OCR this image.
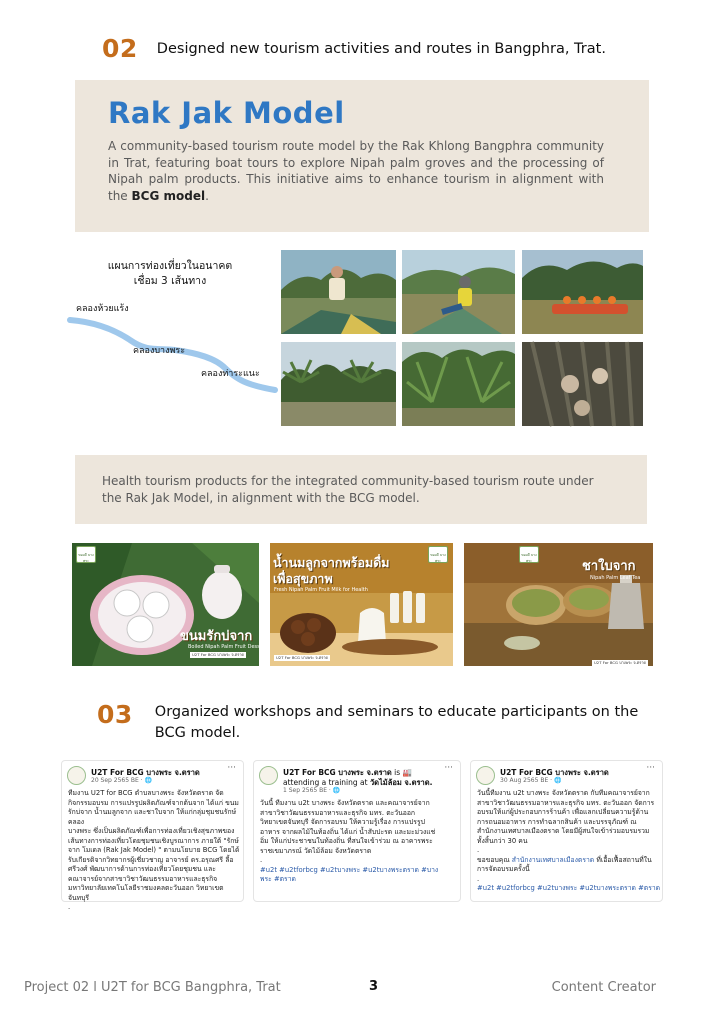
02 Designed new tourism activities and routes in Bangphra, Trat.
Rak Jak Model
A community-based tourism route model by the Rak Khlong Bangphra community in Trat, featuring boat tours to explore Nipah palm groves and the processing of Nipah palm products. This initiative aims to enhance tourism in alignment with the BCG model.
แผนการท่องเที่ยวในอนาคต
เชื่อม 3 เส้นทาง
คลองห้วยแร้ง
คลองบางพระ
คลองท่าระแนะ
Health tourism products for the integrated community-based tourism route under the Rak Jak Model, in alignment with the BCG model.
ของดี บางพระ
ขนมรักบ่จาก
Boiled Nipah Palm Fruit Dessert
U2T For BCG บางพระ จ.ตราด
ของดี บางพระ
น้ำนมลูกจากพร้อมดื่ม
เพื่อสุขภาพ
Fresh Nipah Palm Fruit Milk for Health
U2T For BCG บางพระ จ.ตราด
ของดี บางพระ	ชาใบจาก
Nipah Palm Leaf Tea
U2T For BCG บางพระ จ.ตราด
03 Organized workshops and seminars to educate participants on the
BCG model.
U2T For BCG บางพระ จ.ตราด
20 Sep 2565 BE · 🌐
···
ทีมงาน U2T for BCG ตำบลบางพระ จังหวัดตราด จัด
กิจกรรมอบรม การแปรรูปผลิตภัณฑ์จากต้นจาก ได้แก่ ขนม
รักบ่จาก น้ำนมลูกจาก และชาใบจาก ให้แก่กลุ่มชุมชนรักษ์คลอง
บางพระ ซึ่งเป็นผลิตภัณฑ์เพื่อการท่องเที่ยวเชิงสุขภาพของ
เส้นทางการท่องเที่ยวโดยชุมชนเชิงบูรณาการ ภายใต้ "รักษ์
จาก โมเดล (Rak Jak Model) " ตามนโยบาย BCG โดยได้
รับเกียรติจากวิทยากรผู้เชี่ยวชาญ อาจารย์ ดร.อรุณศรี ลี้อ
ศรีวงศ์ พัฒนาการด้านการท่องเที่ยวโดยชุมชน และ
คณาจารย์จากสาขาวิชาวัฒนธรรมอาหารและธุรกิจ
มหาวิทยาลัยเทคโนโลยีราชมงคลตะวันออก วิทยาเขต
จันทบุรี
.
U2T For BCG บางพระ จ.ตราด is 🏭
attending a training at วัดไม้ล้อม จ.ตราด.
1 Sep 2565 BE · 🌐
···
วันนี้ ทีมงาน u2t บางพระ จังหวัดตราด และคณาจารย์จาก
สาขาวิชาวัฒนธรรมอาหารและธุรกิจ มทร. ตะวันออก
วิทยาเขตจันทบุรี จัดการอบรม ให้ความรู้เรื่อง การแปรรูป
อาหาร จากผลไม้ในท้องถิ่น ได้แก่ น้ำสับปะรด และมะม่วงแช่
อิ่ม ให้แก่ประชาชนในท้องถิ่น ที่สนใจเข้าร่วม ณ อาคารพระ
ราชเขมาภรณ์ วัดไม้ล้อม จังหวัดตราด
.
#u2t #u2tforbcg #u2tบางพระ #u2tบางพระตราด #บาง
พระ #ตราด
U2T For BCG บางพระ จ.ตราด
30 Aug 2565 BE · 🌐
···
วันนี้ทีมงาน u2t บางพระ จังหวัดตราด กับทีมคณาจารย์จาก
สาขาวิชาวัฒนธรรมอาหารและธุรกิจ มทร. ตะวันออก จัดการ
อบรมให้แก่ผู้ประกอบการร้านค้า เพื่อแลกเปลี่ยนความรู้ด้าน
การถนอมอาหาร การทำฉลากสินค้า และบรรจุภัณฑ์ ณ
สำนักงานเทศบาลเมืองตราด โดยมีผู้สนใจเข้าร่วมอบรมรวม
ทั้งสิ้นกว่า 30 คน
.
ขอขอบคุณ สำนักงานเทศบาลเมืองตราด ที่เอื้อเฟื้อสถานที่ใน
การจัดอบรมครั้งนี้
.
#u2t #u2tforbcg #u2tบางพระ #u2tบางพระตราด #ตราด
Project 02 l U2T for BCG Bangphra, Trat	3	Content Creator
